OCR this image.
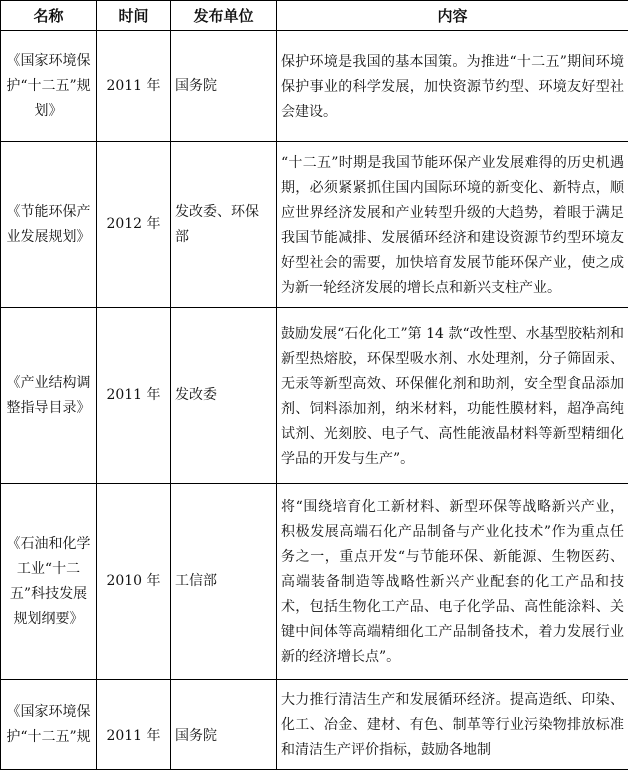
名称	时间	发布单位	内容
《国家环境保护“十二五”规划》	2011 年	国务院	保护环境是我国的基本国策。为推进“十二五”期间环境保护事业的科学发展，加快资源节约型、环境友好型社会建设。

《节能环保产业发展规划》	2012 年	发改委、环保部	“十二五”时期是我国节能环保产业发展难得的历史机遇期，必须紧紧抓住国内国际环境的新变化、新特点，顺应世界经济发展和产业转型升级的大趋势，着眼于满足我国节能减排、发展循环经济和建设资源节约型环境友好型社会的需要，加快培育发展节能环保产业，使之成为新一轮经济发展的增长点和新兴支柱产业。

《产业结构调整指导目录》	2011 年	发改委	鼓励发展“石化化工”第 14 款“改性型、水基型胶粘剂和新型热熔胶，环保型吸水剂、水处理剂，分子筛固汞、无汞等新型高效、环保催化剂和助剂，安全型食品添加剂、饲料添加剂，纳米材料，功能性膜材料，超净高纯试剂、光刻胶、电子气、高性能液晶材料等新型精细化学品的开发与生产”。

《石油和化学工业“十二五”科技发展规划纲要》	2010 年	工信部	将“围绕培育化工新材料、新型环保等战略新兴产业，积极发展高端石化产品制备与产业化技术”作为重点任务之一，重点开发“与节能环保、新能源、生物医药、高端装备制造等战略性新兴产业配套的化工产品和技术，包括生物化工产品、电子化学品、高性能涂料、关键中间体等高端精细化工产品制备技术，着力发展行业新的经济增长点”。

《国家环境保护“十二五”规	2011 年	国务院	大力推行清洁生产和发展循环经济。提高造纸、印染、化工、冶金、建材、有色、制革等行业污染物排放标准和清洁生产评价指标，鼓励各地制
